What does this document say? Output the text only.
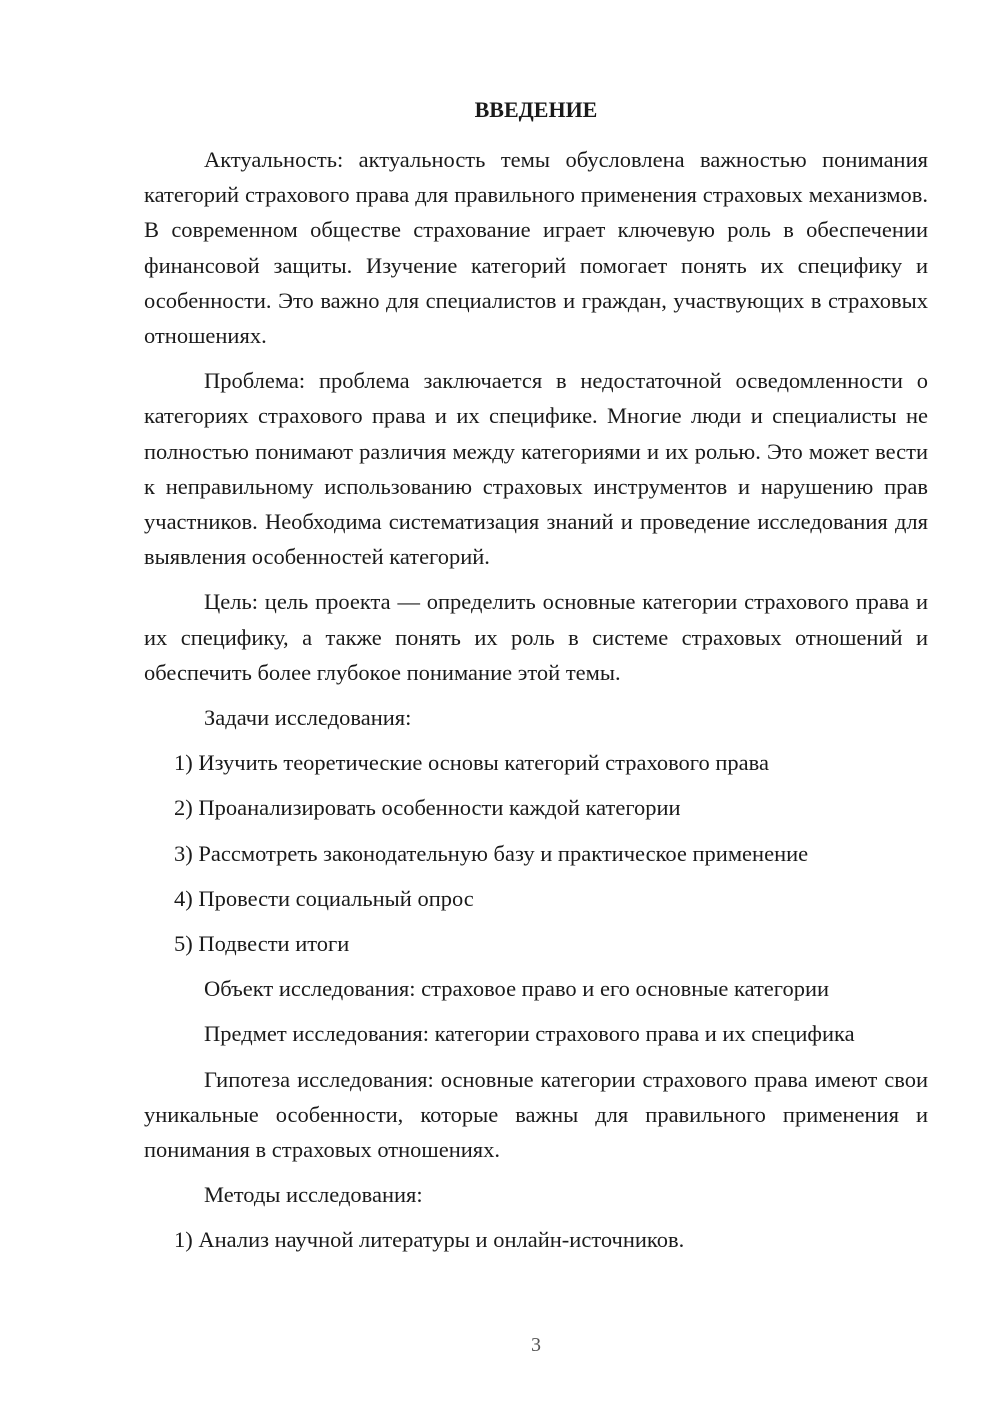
ВВЕДЕНИЕ

Актуальность: актуальность темы обусловлена важностью понимания категорий страхового права для правильного применения страховых механизмов. В современном обществе страхование играет ключевую роль в обеспечении финансовой защиты. Изучение категорий помогает понять их специфику и особенности. Это важно для специалистов и граждан, участвующих в страховых отношениях.

Проблема: проблема заключается в недостаточной осведомленности о категориях страхового права и их специфике. Многие люди и специалисты не полностью понимают различия между категориями и их ролью. Это может вести к неправильному использованию страховых инструментов и нарушению прав участников. Необходима систематизация знаний и проведение исследования для выявления особенностей категорий.

Цель: цель проекта — определить основные категории страхового права и их специфику, а также понять их роль в системе страховых отношений и обеспечить более глубокое понимание этой темы.

Задачи исследования:

1) Изучить теоретические основы категорий страхового права
2) Проанализировать особенности каждой категории
3) Рассмотреть законодательную базу и практическое применение
4) Провести социальный опрос
5) Подвести итоги

Объект исследования: страховое право и его основные категории

Предмет исследования: категории страхового права и их специфика

Гипотеза исследования: основные категории страхового права имеют свои уникальные особенности, которые важны для правильного применения и понимания в страховых отношениях.

Методы исследования:

1) Анализ научной литературы и онлайн-источников.
3
